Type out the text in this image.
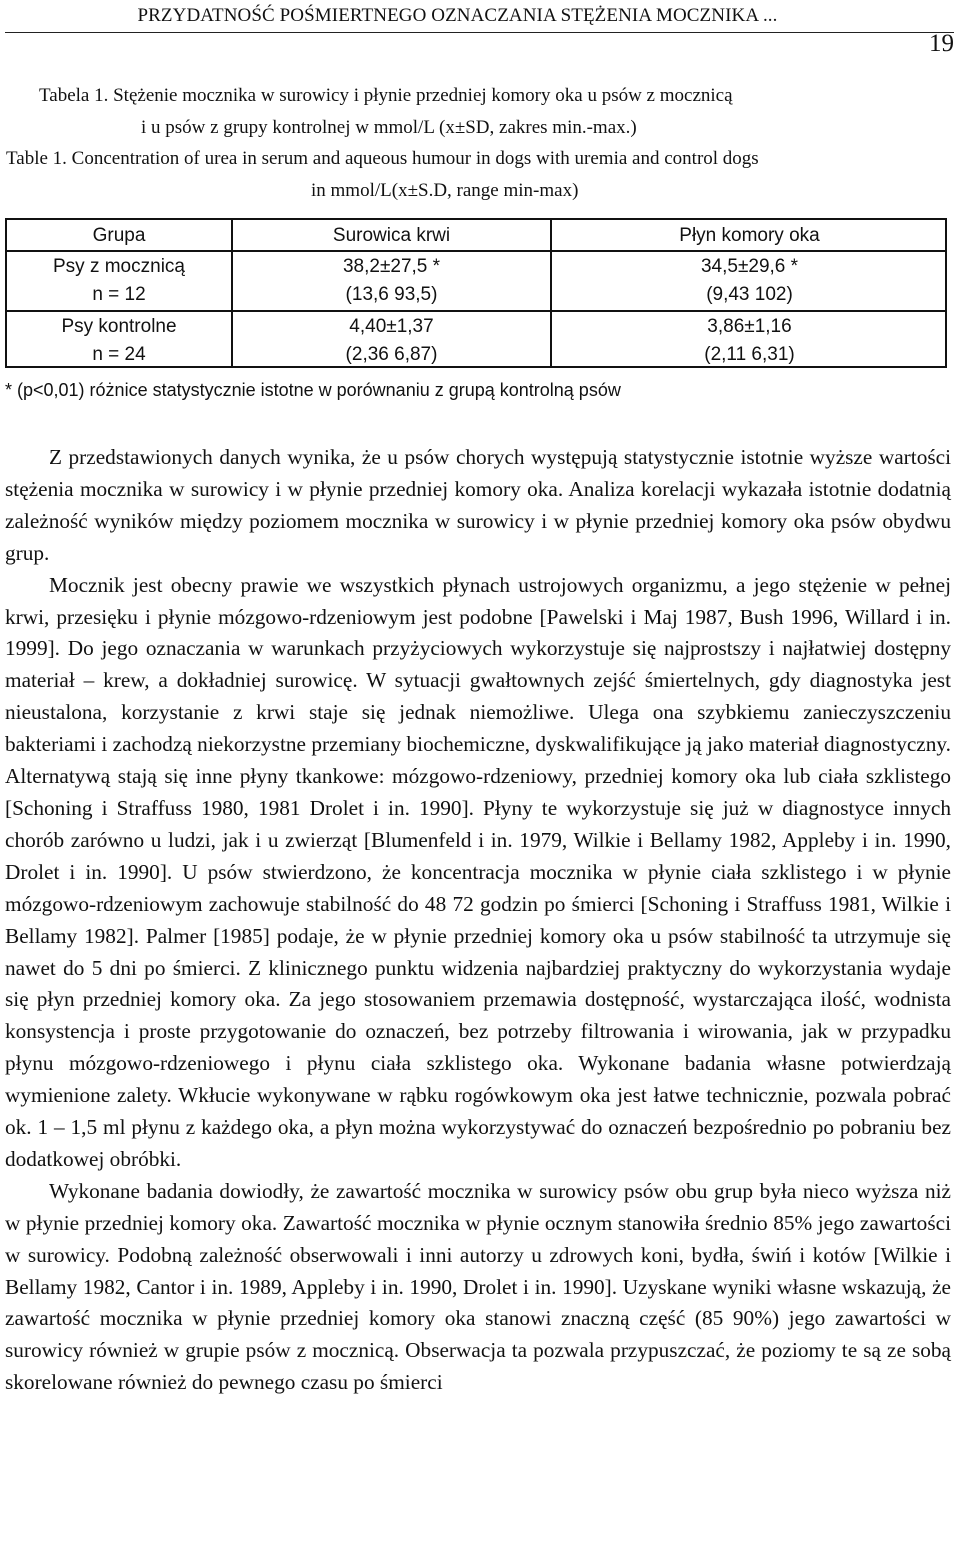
PRZYDATNOŚĆ POŚMIERTNEGO OZNACZANIA STĘŻENIA MOCZNIKA ...
19
Tabela 1. Stężenie mocznika w surowicy i płynie przedniej komory oka u psów z mocznicą
i u psów z grupy kontrolnej w mmol/L (x±SD, zakres min.-max.)
Table 1. Concentration of urea in serum and aqueous humour in dogs with uremia and control dogs
in mmol/L(x±S.D, range min-max)
Grupa	Surowica krwi	Płyn komory oka
Psy z mocznicą
n = 12
38,2±27,5 *
(13,6 93,5)
34,5±29,6 *
(9,43 102)
Psy kontrolne
n = 24
4,40±1,37
(2,36 6,87)
3,86±1,16
(2,11 6,31)
* (p<0,01) różnice statystycznie istotne w porównaniu z grupą kontrolną psów

Z przedstawionych danych wynika, że u psów chorych występują statystycznie istotnie wyższe wartości stężenia mocznika w surowicy i w płynie przedniej komory oka. Analiza korelacji wykazała istotnie dodatnią zależność wyników między poziomem mocznika w surowicy i w płynie przedniej komory oka psów obydwu grup.

Mocznik jest obecny prawie we wszystkich płynach ustrojowych organizmu, a jego stężenie w pełnej krwi, przesięku i płynie mózgowo-rdzeniowym jest podobne [Pawelski i Maj 1987, Bush 1996, Willard i in. 1999]. Do jego oznaczania w warunkach przyżyciowych wykorzystuje się najprostszy i najłatwiej dostępny materiał – krew, a dokładniej surowicę. W sytuacji gwałtownych zejść śmiertelnych, gdy diagnostyka jest nieustalona, korzystanie z krwi staje się jednak niemożliwe. Ulega ona szybkiemu zanieczyszczeniu bakteriami i zachodzą niekorzystne przemiany biochemiczne, dyskwalifikujące ją jako materiał diagnostyczny. Alternatywą stają się inne płyny tkankowe: mózgowo-rdzeniowy, przedniej komory oka lub ciała szklistego [Schoning i Straffuss 1980, 1981 Drolet i in. 1990]. Płyny te wykorzystuje się już w diagnostyce innych chorób zarówno u ludzi, jak i u zwierząt [Blumenfeld i in. 1979, Wilkie i Bellamy 1982, Appleby i in. 1990, Drolet i in. 1990]. U psów stwierdzono, że koncentracja mocznika w płynie ciała szklistego i w płynie mózgowo-rdzeniowym zachowuje stabilność do 48 72 godzin po śmierci [Schoning i Straffuss 1981, Wilkie i Bellamy 1982]. Palmer [1985] podaje, że w płynie przedniej komory oka u psów stabilność ta utrzymuje się nawet do 5 dni po śmierci. Z klinicznego punktu widzenia najbardziej praktyczny do wykorzystania wydaje się płyn przedniej komory oka. Za jego stosowaniem przemawia dostępność, wystarczająca ilość, wodnista konsystencja i proste przygotowanie do oznaczeń, bez potrzeby filtrowania i wirowania, jak w przypadku płynu mózgowo-rdzeniowego i płynu ciała szklistego oka. Wykonane badania własne potwierdzają wymienione zalety. Wkłucie wykonywane w rąbku rogówkowym oka jest łatwe technicznie, pozwala pobrać ok. 1 – 1,5 ml płynu z każdego oka, a płyn można wykorzystywać do oznaczeń bezpośrednio po pobraniu bez dodatkowej obróbki.

Wykonane badania dowiodły, że zawartość mocznika w surowicy psów obu grup była nieco wyższa niż w płynie przedniej komory oka. Zawartość mocznika w płynie ocznym stanowiła średnio 85% jego zawartości w surowicy. Podobną zależność obserwowali i inni autorzy u zdrowych koni, bydła, świń i kotów [Wilkie i Bellamy 1982, Cantor i in. 1989, Appleby i in. 1990, Drolet i in. 1990]. Uzyskane wyniki własne wskazują, że zawartość mocznika w płynie przedniej komory oka stanowi znaczną część (85 90%) jego zawartości w surowicy również w grupie psów z mocznicą. Obserwacja ta pozwala przypuszczać, że poziomy te są ze sobą skorelowane również do pewnego czasu po śmierci
